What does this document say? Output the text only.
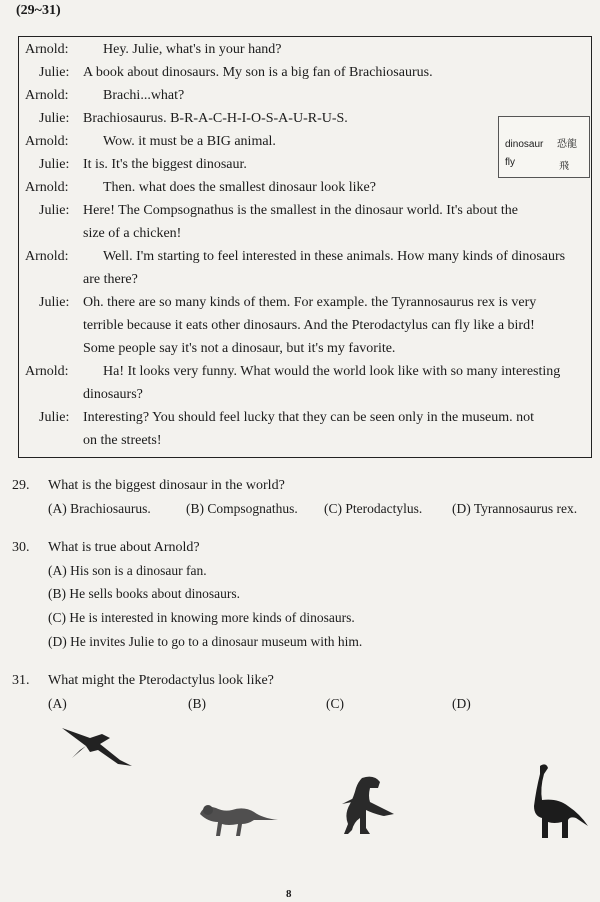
(29~31)
Arnold: Hey. Julie, what's in your hand?
Julie: A book about dinosaurs. My son is a big fan of Brachiosaurus.
Arnold: Brachi...what?
Julie: Brachiosaurus. B-R-A-C-H-I-O-S-A-U-R-U-S.
Arnold: Wow. it must be a BIG animal.
Julie: It is. It's the biggest dinosaur.
Arnold: Then. what does the smallest dinosaur look like?
Julie: Here! The Compsognathus is the smallest in the dinosaur world. It's about the
size of a chicken!
Arnold: Well. I'm starting to feel interested in these animals. How many kinds of dinosaurs
are there?
Julie: Oh. there are so many kinds of them. For example. the Tyrannosaurus rex is very
terrible because it eats other dinosaurs. And the Pterodactylus can fly like a bird!
Some people say it's not a dinosaur, but it's my favorite.
Arnold: Ha! It looks very funny. What would the world look like with so many interesting
dinosaurs?
Julie: Interesting? You should feel lucky that they can be seen only in the museum. not
on the streets!
dinosaur 恐龍
fly	飛
29. What is the biggest dinosaur in the world?
(A) Brachiosaurus.	(B) Compsognathus. (C) Pterodactylus. (D) Tyrannosaurus rex.
30. What is true about Arnold?
(A) His son is a dinosaur fan.
(B) He sells books about dinosaurs.
(C) He is interested in knowing more kinds of dinosaurs.
(D) He invites Julie to go to a dinosaur museum with him.
31. What might the Pterodactylus look like?
(A)	(B)	(C)	(D)
8
